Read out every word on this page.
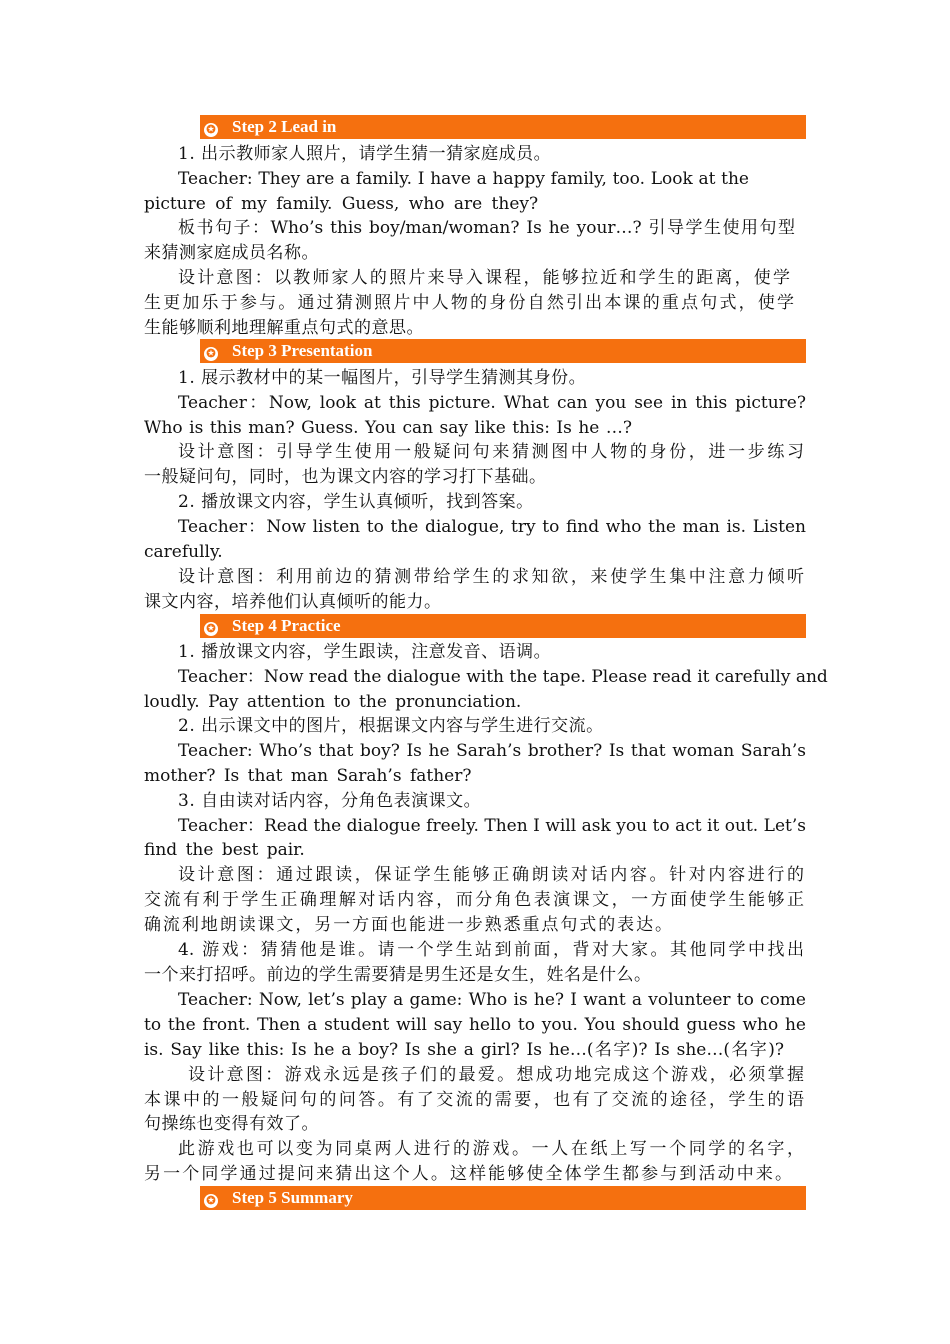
✪ Step 2 Lead in
1. 出示教师家人照片，请学生猜一猜家庭成员。
Teacher: They are a family. I have a happy family, too. Look at the
picture of my family. Guess, who are they?
板书句子：Who’s this boy/man/woman? Is he your…? 引导学生使用句型
来猜测家庭成员名称。
设计意图：以教师家人的照片来导入课程，能够拉近和学生的距离，使学
生更加乐于参与。通过猜测照片中人物的身份自然引出本课的重点句式，使学
生能够顺利地理解重点句式的意思。
✪ Step 3 Presentation
1. 展示教材中的某一幅图片，引导学生猜测其身份。
Teacher：Now, look at this picture. What can you see in this picture?
Who is this man? Guess. You can say like this: Is he …?
设计意图：引导学生使用一般疑问句来猜测图中人物的身份，进一步练习
一般疑问句，同时，也为课文内容的学习打下基础。
2. 播放课文内容，学生认真倾听，找到答案。
Teacher：Now listen to the dialogue, try to find who the man is. Listen
carefully.
设计意图：利用前边的猜测带给学生的求知欲，来使学生集中注意力倾听
课文内容，培养他们认真倾听的能力。
✪ Step 4 Practice
1. 播放课文内容，学生跟读，注意发音、语调。
Teacher：Now read the dialogue with the tape. Please read it carefully and
loudly. Pay attention to the pronunciation.
2. 出示课文中的图片，根据课文内容与学生进行交流。
Teacher: Who’s that boy? Is he Sarah’s brother? Is that woman Sarah’s
mother? Is that man Sarah’s father?
3. 自由读对话内容，分角色表演课文。
Teacher：Read the dialogue freely. Then I will ask you to act it out. Let’s
find the best pair.
设计意图：通过跟读，保证学生能够正确朗读对话内容。针对内容进行的
交流有利于学生正确理解对话内容，而分角色表演课文，一方面使学生能够正
确流利地朗读课文，另一方面也能进一步熟悉重点句式的表达。
4. 游戏：猜猜他是谁。请一个学生站到前面，背对大家。其他同学中找出
一个来打招呼。前边的学生需要猜是男生还是女生，姓名是什么。
Teacher: Now, let’s play a game: Who is he? I want a volunteer to come
to the front. Then a student will say hello to you. You should guess who he
is. Say like this: Is he a boy? Is she a girl? Is he…(名字)? Is she…(名字)?
设计意图：游戏永远是孩子们的最爱。想成功地完成这个游戏，必须掌握
本课中的一般疑问句的问答。有了交流的需要，也有了交流的途径，学生的语
句操练也变得有效了。
此游戏也可以变为同桌两人进行的游戏。一人在纸上写一个同学的名字，
另一个同学通过提问来猜出这个人。这样能够使全体学生都参与到活动中来。
✪ Step 5 Summary
